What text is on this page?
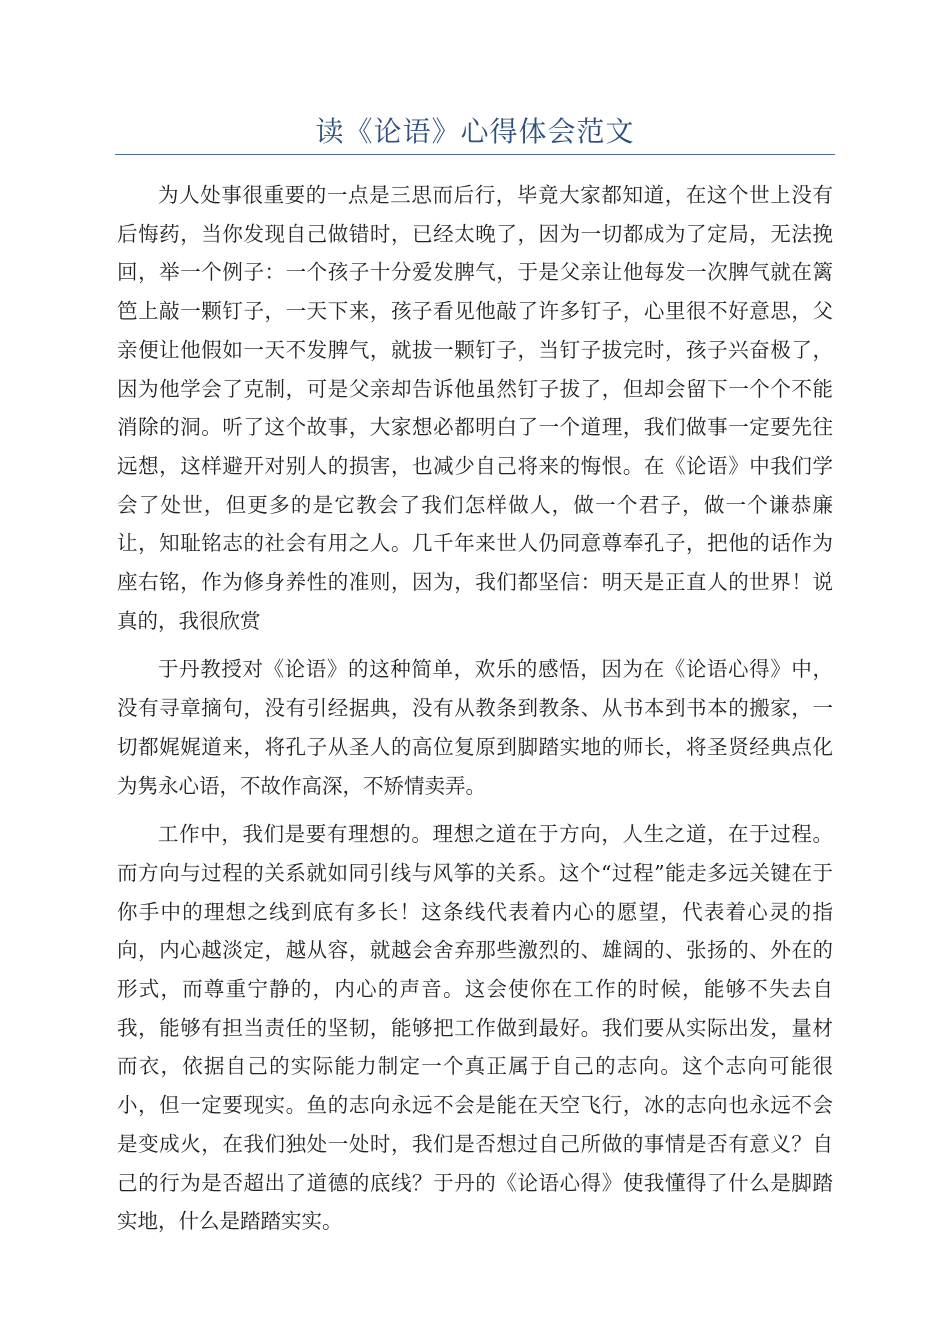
读《论语》心得体会范文

为人处事很重要的一点是三思而后行，毕竟大家都知道，在这个世上没有后悔药，当你发现自己做错时，已经太晚了，因为一切都成为了定局，无法挽回，举一个例子：一个孩子十分爱发脾气，于是父亲让他每发一次脾气就在篱笆上敲一颗钉子，一天下来，孩子看见他敲了许多钉子，心里很不好意思，父亲便让他假如一天不发脾气，就拔一颗钉子，当钉子拔完时，孩子兴奋极了，因为他学会了克制，可是父亲却告诉他虽然钉子拔了，但却会留下一个个不能消除的洞。听了这个故事，大家想必都明白了一个道理，我们做事一定要先往远想，这样避开对别人的损害，也减少自己将来的悔恨。在《论语》中我们学会了处世，但更多的是它教会了我们怎样做人，做一个君子，做一个谦恭廉让，知耻铭志的社会有用之人。几千年来世人仍同意尊奉孔子，把他的话作为座右铭，作为修身养性的准则，因为，我们都坚信：明天是正直人的世界！说真的，我很欣赏

于丹教授对《论语》的这种简单，欢乐的感悟，因为在《论语心得》中，没有寻章摘句，没有引经据典，没有从教条到教条、从书本到书本的搬家，一切都娓娓道来，将孔子从圣人的高位复原到脚踏实地的师长，将圣贤经典点化为隽永心语，不故作高深，不矫情卖弄。

工作中，我们是要有理想的。理想之道在于方向，人生之道，在于过程。而方向与过程的关系就如同引线与风筝的关系。这个“过程”能走多远关键在于你手中的理想之线到底有多长！这条线代表着内心的愿望，代表着心灵的指向，内心越淡定，越从容，就越会舍弃那些激烈的、雄阔的、张扬的、外在的形式，而尊重宁静的，内心的声音。这会使你在工作的时候，能够不失去自我，能够有担当责任的坚韧，能够把工作做到最好。我们要从实际出发，量材而衣，依据自己的实际能力制定一个真正属于自己的志向。这个志向可能很小，但一定要现实。鱼的志向永远不会是能在天空飞行，冰的志向也永远不会是变成火，在我们独处一处时，我们是否想过自己所做的事情是否有意义？自己的行为是否超出了道德的底线？于丹的《论语心得》使我懂得了什么是脚踏实地，什么是踏踏实实。
